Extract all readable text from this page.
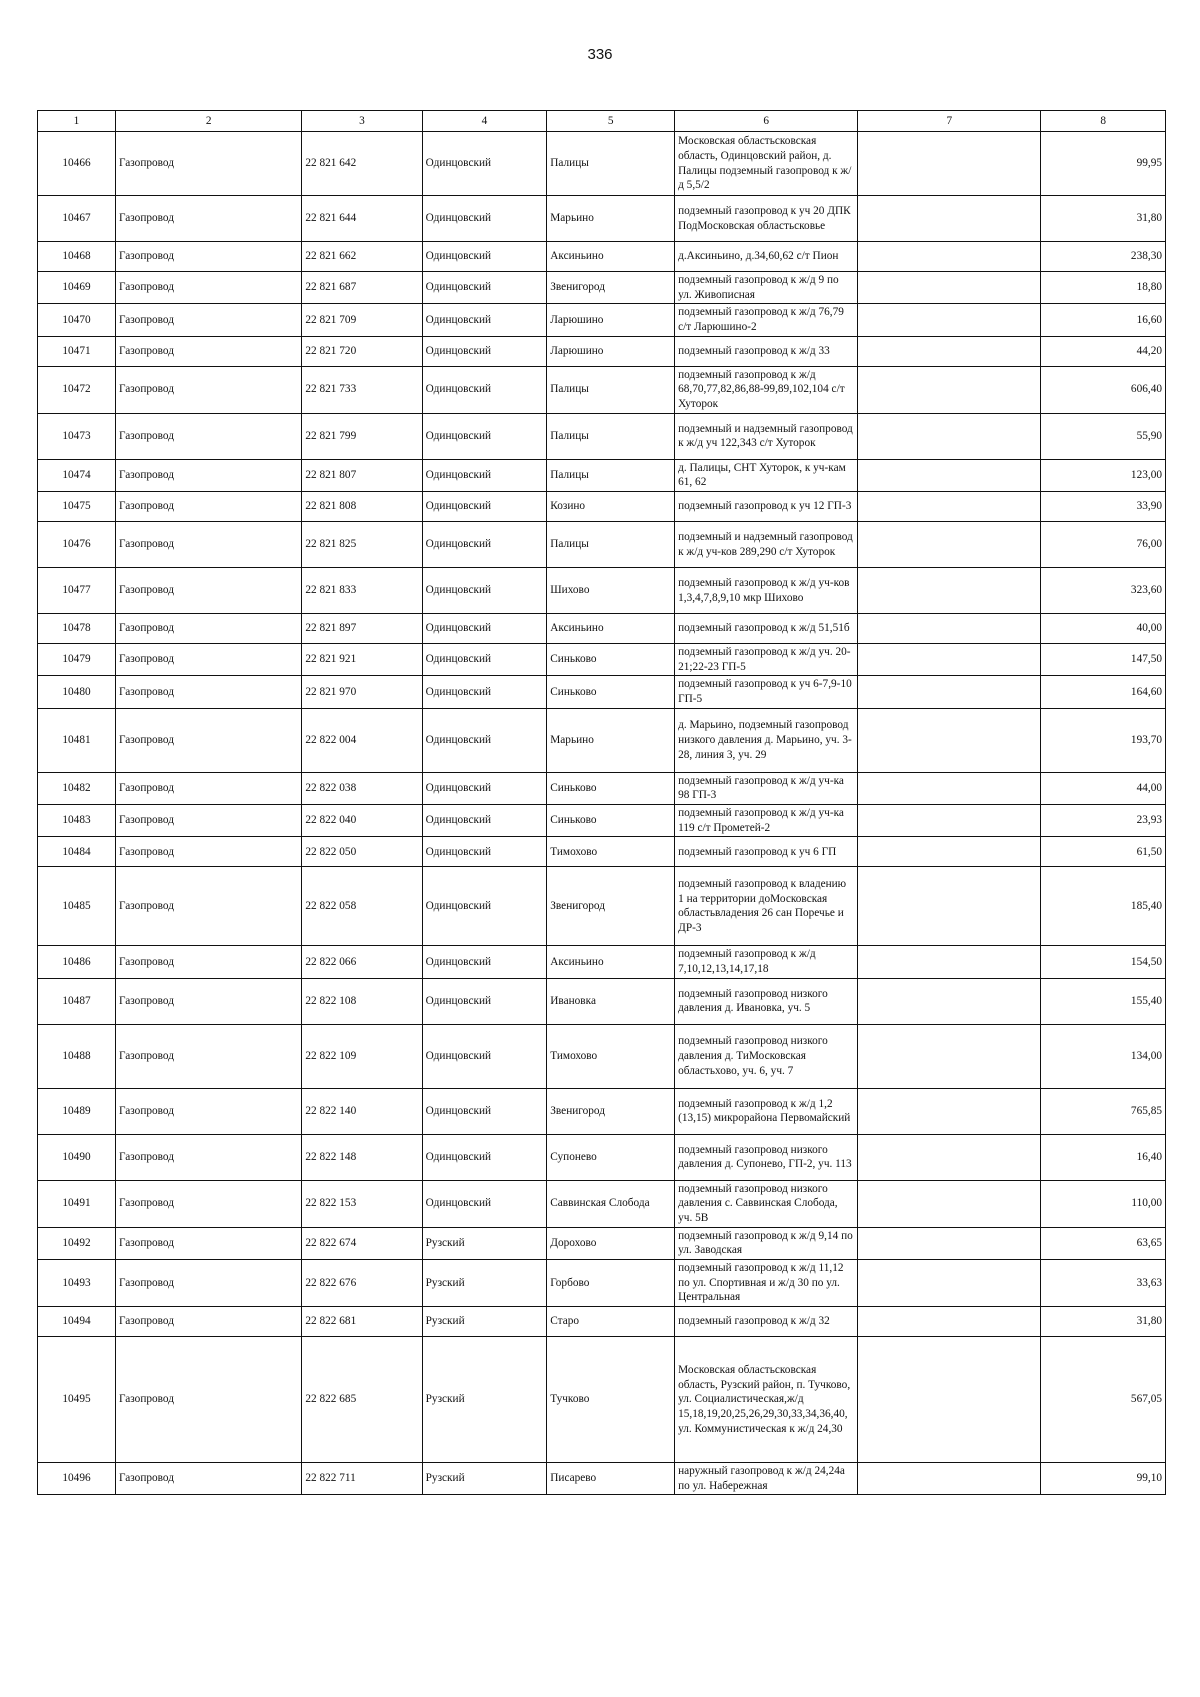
336
1	2	3	4	5	6	7	8
10466	Газопровод	22 821 642	Одинцовский	Палицы	Московская областьсковская область, Одинцовский район, д. Палицы подземный газопровод к ж/д 5,5/2		99,95
10467	Газопровод	22 821 644	Одинцовский	Марьино	подземный газопровод к уч 20 ДПК ПодМосковская областьсковье		31,80
10468	Газопровод	22 821 662	Одинцовский	Аксиньино	д.Аксиньино, д.34,60,62 с/т Пион		238,30
10469	Газопровод	22 821 687	Одинцовский	Звенигород	подземный газопровод к ж/д 9 по ул. Живописная		18,80
10470	Газопровод	22 821 709	Одинцовский	Ларюшино	подземный газопровод к ж/д 76,79 с/т Ларюшино-2		16,60
10471	Газопровод	22 821 720	Одинцовский	Ларюшино	подземный газопровод к ж/д 33		44,20
10472	Газопровод	22 821 733	Одинцовский	Палицы	подземный газопровод к ж/д 68,70,77,82,86,88-99,89,102,104 с/т Хуторок		606,40
10473	Газопровод	22 821 799	Одинцовский	Палицы	подземный и надземный газопровод к ж/д уч 122,343 с/т Хуторок		55,90
10474	Газопровод	22 821 807	Одинцовский	Палицы	д. Палицы, СНТ Хуторок, к уч-кам 61, 62		123,00
10475	Газопровод	22 821 808	Одинцовский	Козино	подземный газопровод к уч 12 ГП-3		33,90
10476	Газопровод	22 821 825	Одинцовский	Палицы	подземный и надземный газопровод к ж/д уч-ков 289,290 с/т Хуторок		76,00
10477	Газопровод	22 821 833	Одинцовский	Шихово	подземный газопровод к ж/д уч-ков 1,3,4,7,8,9,10 мкр Шихово		323,60
10478	Газопровод	22 821 897	Одинцовский	Аксиньино	подземный газопровод к ж/д 51,51б		40,00
10479	Газопровод	22 821 921	Одинцовский	Синьково	подземный газопровод к ж/д уч. 20-21;22-23 ГП-5		147,50
10480	Газопровод	22 821 970	Одинцовский	Синьково	подземный газопровод к уч 6-7,9-10 ГП-5		164,60
10481	Газопровод	22 822 004	Одинцовский	Марьино	д. Марьино, подземный газопровод низкого давления д. Марьино, уч. 3-28, линия 3, уч. 29		193,70
10482	Газопровод	22 822 038	Одинцовский	Синьково	подземный газопровод к ж/д уч-ка 98 ГП-3		44,00
10483	Газопровод	22 822 040	Одинцовский	Синьково	подземный газопровод к ж/д уч-ка 119 с/т Прометей-2		23,93
10484	Газопровод	22 822 050	Одинцовский	Тимохово	подземный газопровод к уч 6 ГП		61,50
10485	Газопровод	22 822 058	Одинцовский	Звенигород	подземный газопровод к владению 1 на территории доМосковская областьвладения 26 сан Поречье и ДР-3		185,40
10486	Газопровод	22 822 066	Одинцовский	Аксиньино	подземный газопровод к ж/д 7,10,12,13,14,17,18		154,50
10487	Газопровод	22 822 108	Одинцовский	Ивановка	подземный газопровод низкого давления д. Ивановка, уч. 5		155,40
10488	Газопровод	22 822 109	Одинцовский	Тимохово	подземный газопровод низкого давления д. ТиМосковская областьхово, уч. 6, уч. 7		134,00
10489	Газопровод	22 822 140	Одинцовский	Звенигород	подземный газопровод к ж/д 1,2 (13,15) микрорайона Первомайский		765,85
10490	Газопровод	22 822 148	Одинцовский	Супонево	подземный газопровод низкого давления д. Супонево, ГП-2, уч. 113		16,40
10491	Газопровод	22 822 153	Одинцовский	Саввинская Слобода	подземный газопровод низкого давления с. Саввинская Слобода, уч. 5В		110,00
10492	Газопровод	22 822 674	Рузский	Дорохово	подземный газопровод к ж/д 9,14 по ул. Заводская		63,65
10493	Газопровод	22 822 676	Рузский	Горбово	подземный газопровод к ж/д 11,12 по ул. Спортивная и ж/д 30 по ул. Центральная		33,63
10494	Газопровод	22 822 681	Рузский	Старо	подземный газопровод к ж/д 32		31,80
10495	Газопровод	22 822 685	Рузский	Тучково	Московская областьсковская область, Рузский район, п. Тучково, ул. Социалистическая,ж/д 15,18,19,20,25,26,29,30,33,34,36,40, ул. Коммунистическая к ж/д 24,30		567,05
10496	Газопровод	22 822 711	Рузский	Писарево	наружный газопровод к ж/д 24,24а по ул. Набережная		99,10
